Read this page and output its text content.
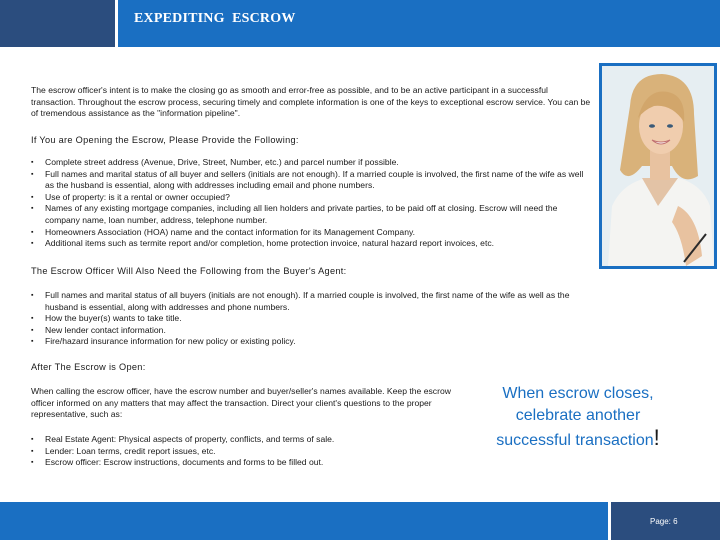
EXPEDITING  ESCROW
The escrow officer's intent is to make the closing go as smooth and error-free as possible, and to be an active participant in a successful transaction. Throughout the escrow process, securing timely and complete information is one of the keys to exceptional escrow service. You can be of tremendous assistance as the "information pipeline".
If You are Opening the Escrow, Please Provide the Following:
▪ Complete street address (Avenue, Drive, Street, Number, etc.) and parcel number if possible.
▪ Full names and marital status of all buyer and sellers (initials are not enough). If a married couple is involved, the first name of the wife as well as the husband is essential, along with addresses including email and phone numbers.
▪ Use of property: is it a rental or owner occupied?
▪ Names of any existing mortgage companies, including all lien holders and private parties, to be paid off at closing. Escrow will need the company name, loan number, address, telephone number.
▪ Homeowners Association (HOA) name and the contact information for its Management Company.
▪ Additional items such as termite report and/or completion, home protection invoice, natural hazard report invoices, etc.
The Escrow Officer Will Also Need the Following from the Buyer's Agent:
▪ Full names and marital status of all buyers (initials are not enough). If a married couple is involved, the first name of the wife as well as the husband is essential, along with addresses and phone numbers.
▪ How the buyer(s) wants to take title.
▪ New lender contact information.
▪ Fire/hazard insurance information for new policy or existing policy.
After The Escrow is Open:
When calling the escrow officer, have the escrow number and buyer/seller's names available. Keep the escrow officer informed on any matters that may affect the transaction. Direct your client's questions to the proper representative, such as:
▪ Real Estate Agent: Physical aspects of property, conflicts, and terms of sale.
▪ Lender: Loan terms, credit report issues, etc.
▪ Escrow officer: Escrow instructions, documents and forms to be filled out.
When escrow closes,
celebrate another
successful transaction!
Page: 6
